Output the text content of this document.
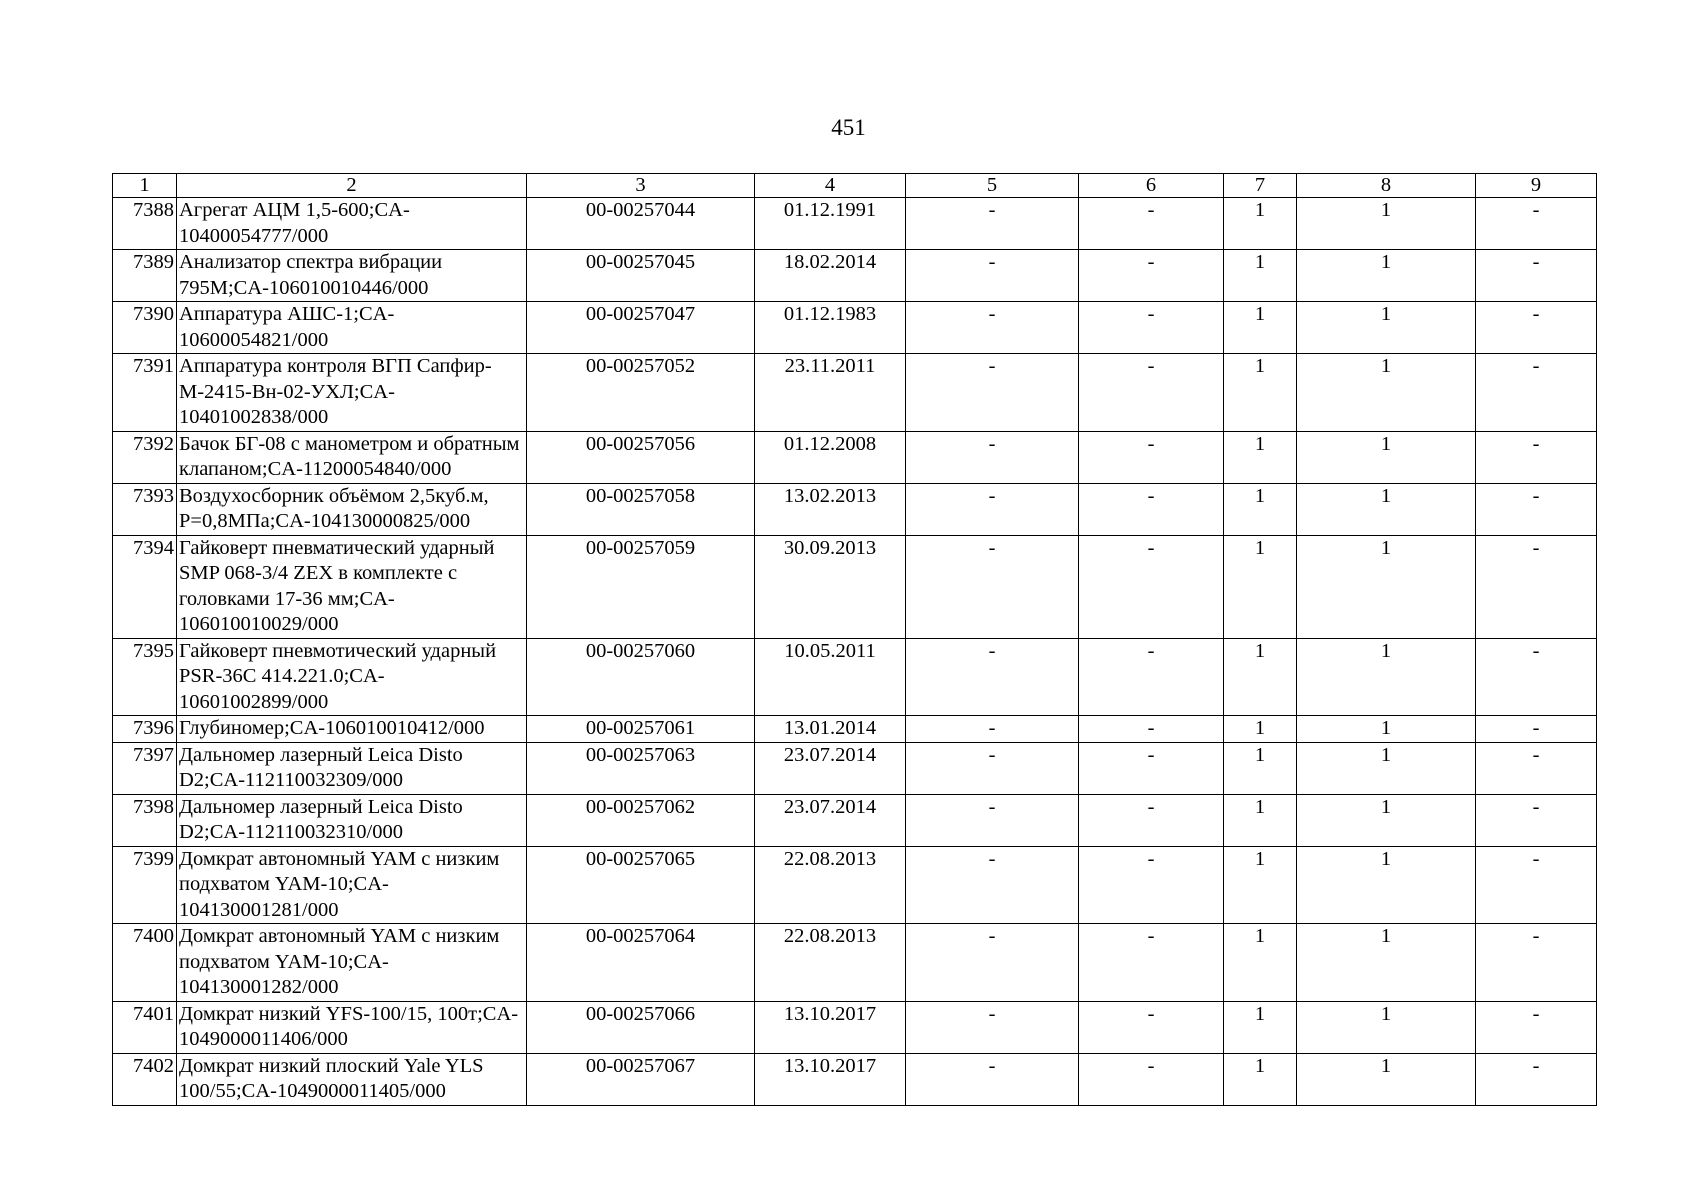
451
1	2	3	4	5	6	7	8	9
7388	Агрегат АЦМ 1,5-600;CA-10400054777/000	00-00257044	01.12.1991	-	-	1	1	-
7389	Анализатор спектра вибрации 795М;CA-106010010446/000	00-00257045	18.02.2014	-	-	1	1	-
7390	Аппаратура АШС-1;CA-10600054821/000	00-00257047	01.12.1983	-	-	1	1	-
7391	Аппаратура контроля ВГП Сапфир-М-2415-Вн-02-УХЛ;CA-10401002838/000	00-00257052	23.11.2011	-	-	1	1	-
7392	Бачок БГ-08 с манометром и обратным клапаном;CA-11200054840/000	00-00257056	01.12.2008	-	-	1	1	-
7393	Воздухосборник объёмом 2,5куб.м, Р=0,8МПа;CA-104130000825/000	00-00257058	13.02.2013	-	-	1	1	-
7394	Гайковерт пневматический ударный SMP 068-3/4 ZEX в комплекте с головками 17-36 мм;CA-106010010029/000	00-00257059	30.09.2013	-	-	1	1	-
7395	Гайковерт пневмотический ударный PSR-36C 414.221.0;CA-10601002899/000	00-00257060	10.05.2011	-	-	1	1	-
7396	Глубиномер;CA-106010010412/000	00-00257061	13.01.2014	-	-	1	1	-
7397	Дальномер лазерный Leica Disto D2;CA-112110032309/000	00-00257063	23.07.2014	-	-	1	1	-
7398	Дальномер лазерный Leica Disto D2;CA-112110032310/000	00-00257062	23.07.2014	-	-	1	1	-
7399	Домкрат автономный YAM с низким подхватом YAM-10;CA-104130001281/000	00-00257065	22.08.2013	-	-	1	1	-
7400	Домкрат автономный YAM с низким подхватом YAM-10;CA-104130001282/000	00-00257064	22.08.2013	-	-	1	1	-
7401	Домкрат низкий YFS-100/15, 100т;CA-1049000011406/000	00-00257066	13.10.2017	-	-	1	1	-
7402	Домкрат низкий плоский Yale YLS 100/55;CA-1049000011405/000	00-00257067	13.10.2017	-	-	1	1	-
